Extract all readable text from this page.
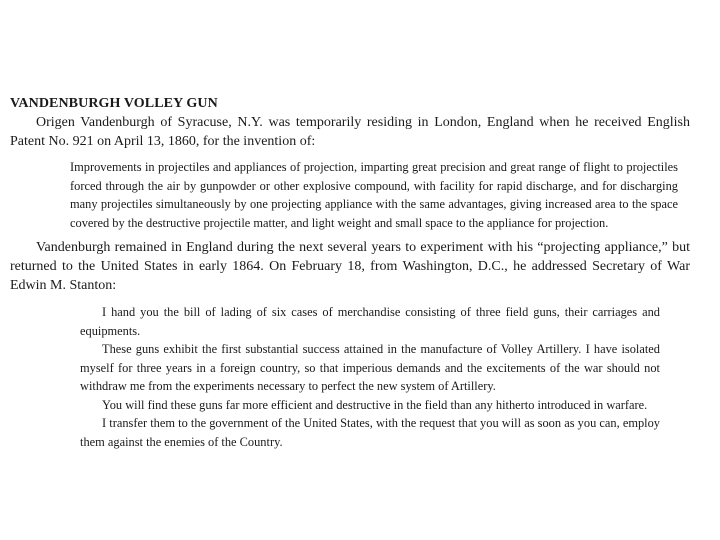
VANDENBURGH VOLLEY GUN

Origen Vandenburgh of Syracuse, N.Y. was temporarily residing in London, England when he received English Patent No. 921 on April 13, 1860, for the invention of:

Improvements in projectiles and appliances of projection, imparting great precision and great range of flight to projectiles forced through the air by gunpowder or other explosive compound, with facility for rapid discharge, and for discharging many projectiles simultaneously by one projecting appliance with the same advantages, giving increased area to the space covered by the destructive projectile matter, and light weight and small space to the appliance for projection.

Vandenburgh remained in England during the next several years to experiment with his “projecting appliance,” but returned to the United States in early 1864. On February 18, from Washington, D.C., he addressed Secretary of War Edwin M. Stanton:

I hand you the bill of lading of six cases of merchandise consisting of three field guns, their carriages and equipments.

These guns exhibit the first substantial success attained in the manufacture of Volley Artillery. I have isolated myself for three years in a foreign country, so that imperious demands and the excitements of the war should not withdraw me from the experiments necessary to perfect the new system of Artillery.

You will find these guns far more efficient and destructive in the field than any hitherto introduced in warfare.

I transfer them to the government of the United States, with the request that you will as soon as you can, employ them against the enemies of the Country.
